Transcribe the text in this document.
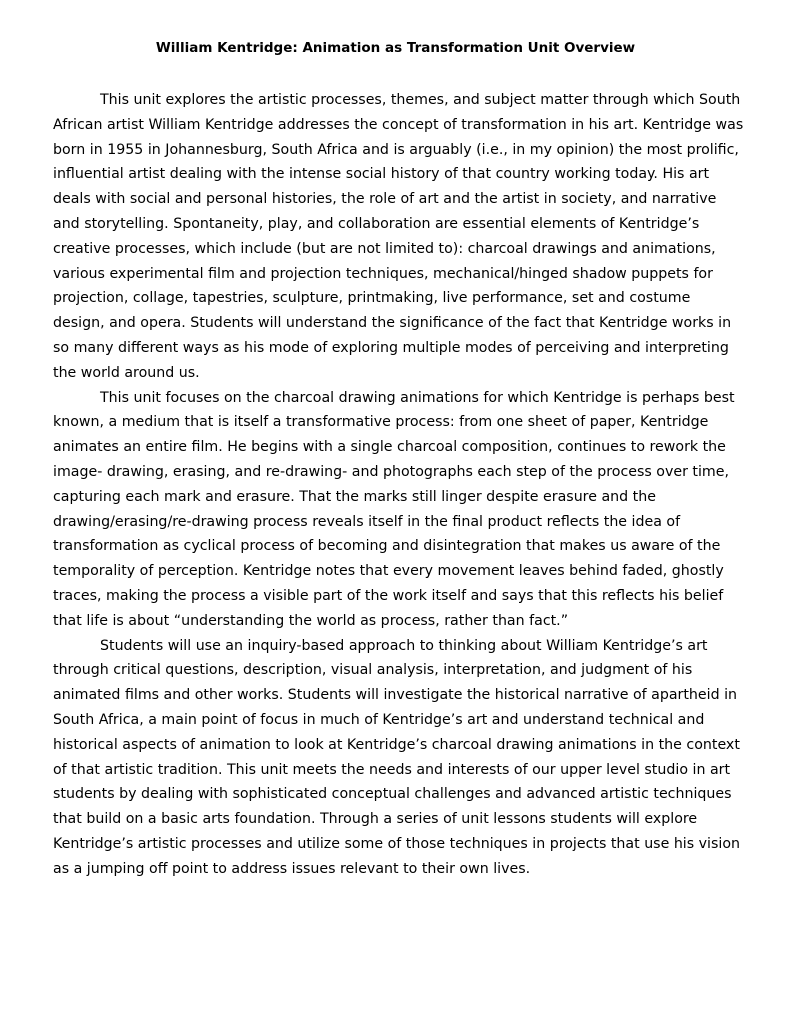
William Kentridge: Animation as Transformation Unit Overview

This unit explores the artistic processes, themes, and subject matter through which South African artist William Kentridge addresses the concept of transformation in his art. Kentridge was born in 1955 in Johannesburg, South Africa and is arguably (i.e., in my opinion) the most prolific, influential artist dealing with the intense social history of that country working today. His art deals with social and personal histories, the role of art and the artist in society, and narrative and storytelling. Spontaneity, play, and collaboration are essential elements of Kentridge’s creative processes, which include (but are not limited to): charcoal drawings and animations, various experimental film and projection techniques, mechanical/hinged shadow puppets for projection, collage, tapestries, sculpture, printmaking, live performance, set and costume design, and opera. Students will understand the significance of the fact that Kentridge works in so many different ways as his mode of exploring multiple modes of perceiving and interpreting the world around us.

This unit focuses on the charcoal drawing animations for which Kentridge is perhaps best known, a medium that is itself a transformative process: from one sheet of paper, Kentridge animates an entire film. He begins with a single charcoal composition, continues to rework the image- drawing, erasing, and re-drawing- and photographs each step of the process over time, capturing each mark and erasure. That the marks still linger despite erasure and the drawing/erasing/re-drawing process reveals itself in the final product reflects the idea of transformation as cyclical process of becoming and disintegration that makes us aware of the temporality of perception. Kentridge notes that every movement leaves behind faded, ghostly traces, making the process a visible part of the work itself and says that this reflects his belief that life is about “understanding the world as process, rather than fact.”

Students will use an inquiry-based approach to thinking about William Kentridge’s art through critical questions, description, visual analysis, interpretation, and judgment of his animated films and other works. Students will investigate the historical narrative of apartheid in South Africa, a main point of focus in much of Kentridge’s art and understand technical and historical aspects of animation to look at Kentridge’s charcoal drawing animations in the context of that artistic tradition. This unit meets the needs and interests of our upper level studio in art students by dealing with sophisticated conceptual challenges and advanced artistic techniques that build on a basic arts foundation. Through a series of unit lessons students will explore Kentridge’s artistic processes and utilize some of those techniques in projects that use his vision as a jumping off point to address issues relevant to their own lives.
